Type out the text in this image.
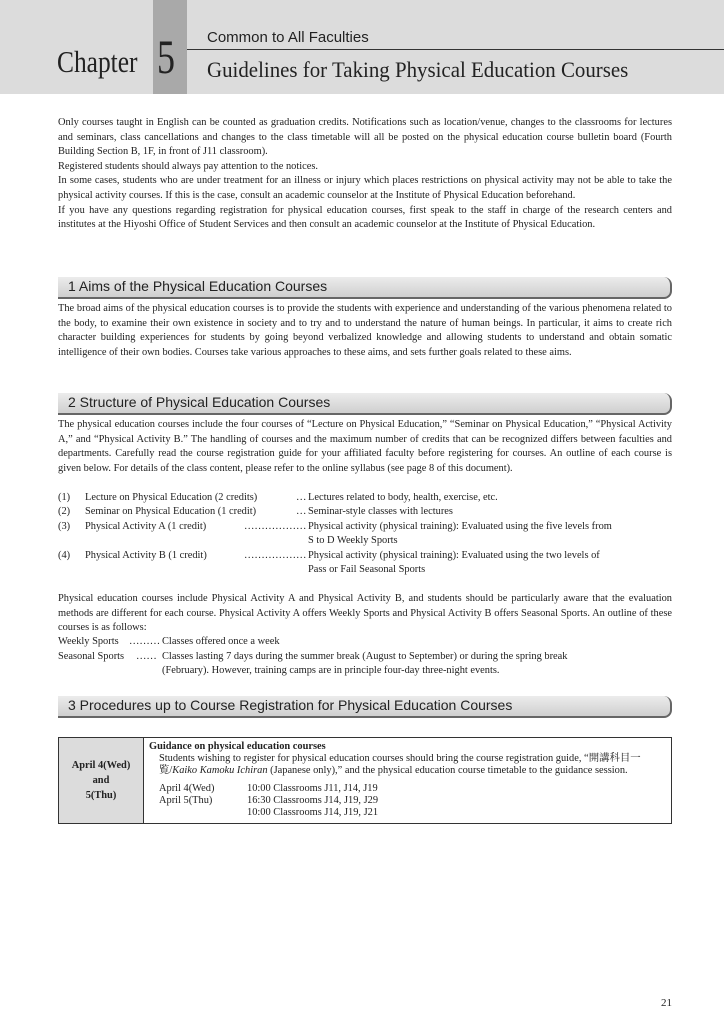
Chapter 5 Common to All Faculties
Guidelines for Taking Physical Education Courses

Only courses taught in English can be counted as graduation credits. Notifications such as location/venue, changes to the classrooms for lectures and seminars, class cancellations and changes to the class timetable will all be posted on the physical education course bulletin board (Fourth Building Section B, 1F, in front of J11 classroom).

Registered students should always pay attention to the notices.

In some cases, students who are under treatment for an illness or injury which places restrictions on physical activity may not be able to take the physical activity courses. If this is the case, consult an academic counselor at the Institute of Physical Education beforehand.

If you have any questions regarding registration for physical education courses, first speak to the staff in charge of the research centers and institutes at the Hiyoshi Office of Student Services and then consult an academic counselor at the Institute of Physical Education.

1 Aims of the Physical Education Courses
The broad aims of the physical education courses is to provide the students with experience and understanding of the various phenomena related to the body, to examine their own existence in society and to try and to understand the nature of human beings. In particular, it aims to create rich character building experiences for students by going beyond verbalized knowledge and allowing students to understand and obtain somatic intelligence of their own bodies. Courses take various approaches to these aims, and sets further goals related to these aims.
2 Structure of Physical Education Courses
The physical education courses include the four courses of “Lecture on Physical Education,” “Seminar on Physical Education,” “Physical Activity A,” and “Physical Activity B.” The handling of courses and the maximum number of credits that can be recognized differs between faculties and departments. Carefully read the course registration guide for your affiliated faculty before registering for courses. An outline of each course is given below. For details of the class content, please refer to the online syllabus (see page 8 of this document).
(1) Lecture on Physical Education (2 credits)	… Lectures related to body, health, exercise, etc.
(2) Seminar on Physical Education (1 credit)	… Seminar-style classes with lectures
(3) Physical Activity A (1 credit)	……………… Physical activity (physical training): Evaluated using the five levels from
S to D Weekly Sports
(4) Physical Activity B (1 credit)	……………… Physical activity (physical training): Evaluated using the two levels of
Pass or Fail Seasonal Sports
Physical education courses include Physical Activity A and Physical Activity B, and students should be particularly aware that the evaluation methods are different for each course. Physical Activity A offers Weekly Sports and Physical Activity B offers Seasonal Sports. An outline of these courses is as follows:
Weekly Sports ……… Classes offered once a week
Seasonal Sports …… Classes lasting 7 days during the summer break (August to September) or during the spring break
(February). However, training camps are in principle four-day three-night events.
3 Procedures up to Course Registration for Physical Education Courses
April 4(Wed)
and
5(Thu)

Guidance on physical education courses
Students wishing to register for physical education courses should bring the course registration guide, “開講科目一覧/Kaiko Kamoku Ichiran (Japanese only),” and the physical education course timetable to the guidance session.
April 4(Wed)	10:00 Classrooms J11, J14, J19
April 5(Thu)	16:30 Classrooms J14, J19, J29
10:00 Classrooms J14, J19, J21
21
